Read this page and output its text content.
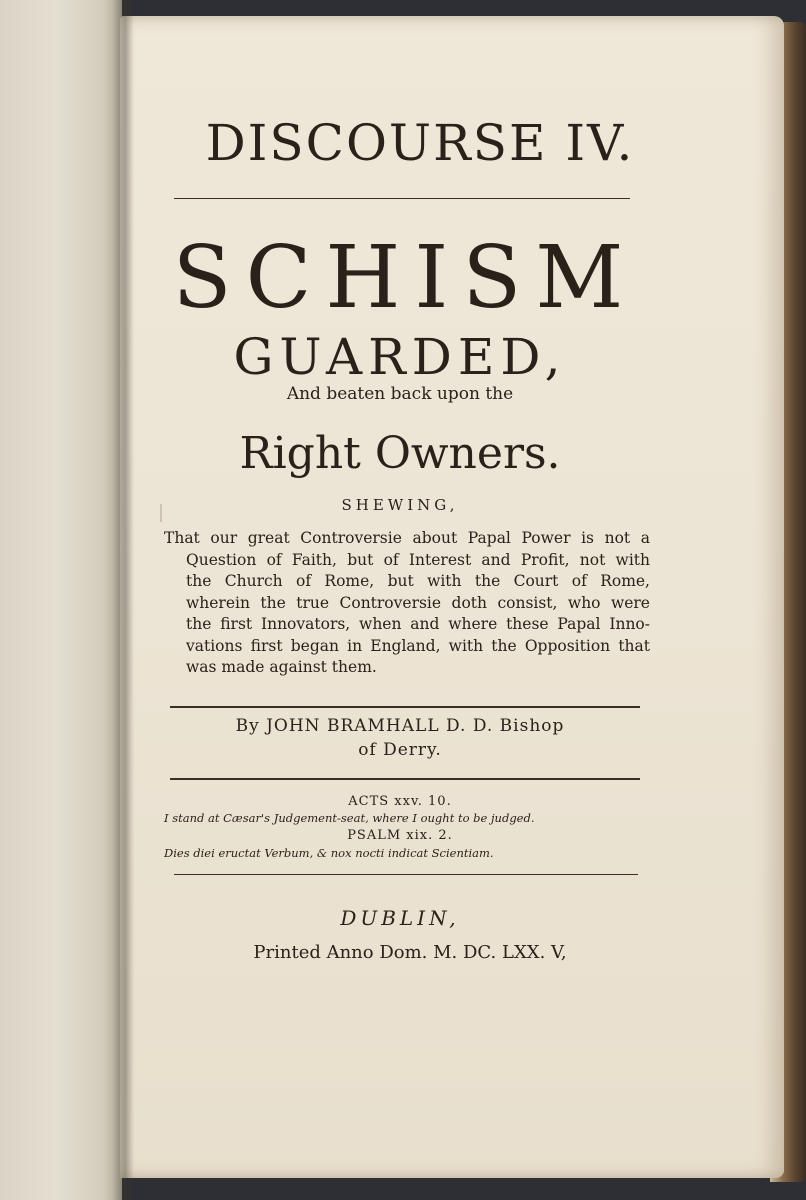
DISCOURSE IV.
SCHISM
GUARDED,
And beaten back upon the
Right Owners.
SHEWING,
That our great Controversie about Papal Power is not a
Question of Faith, but of Interest and Profit, not with
the Church of Rome, but with the Court of Rome,
wherein the true Controversie doth consist, who were
the first Innovators, when and where these Papal Inno-
vations first began in England, with the Opposition that
was made against them.
By JOHN BRAMHALL D. D. Bishop
of Derry.
ACTS xxv. 10.
I stand at Cæsar's Judgement-seat, where I ought to be judged.
PSALM xix. 2.
Dies diei eructat Verbum, & nox nocti indicat Scientiam.
DUBLIN,
Printed Anno Dom. M. DC. LXX. V,
